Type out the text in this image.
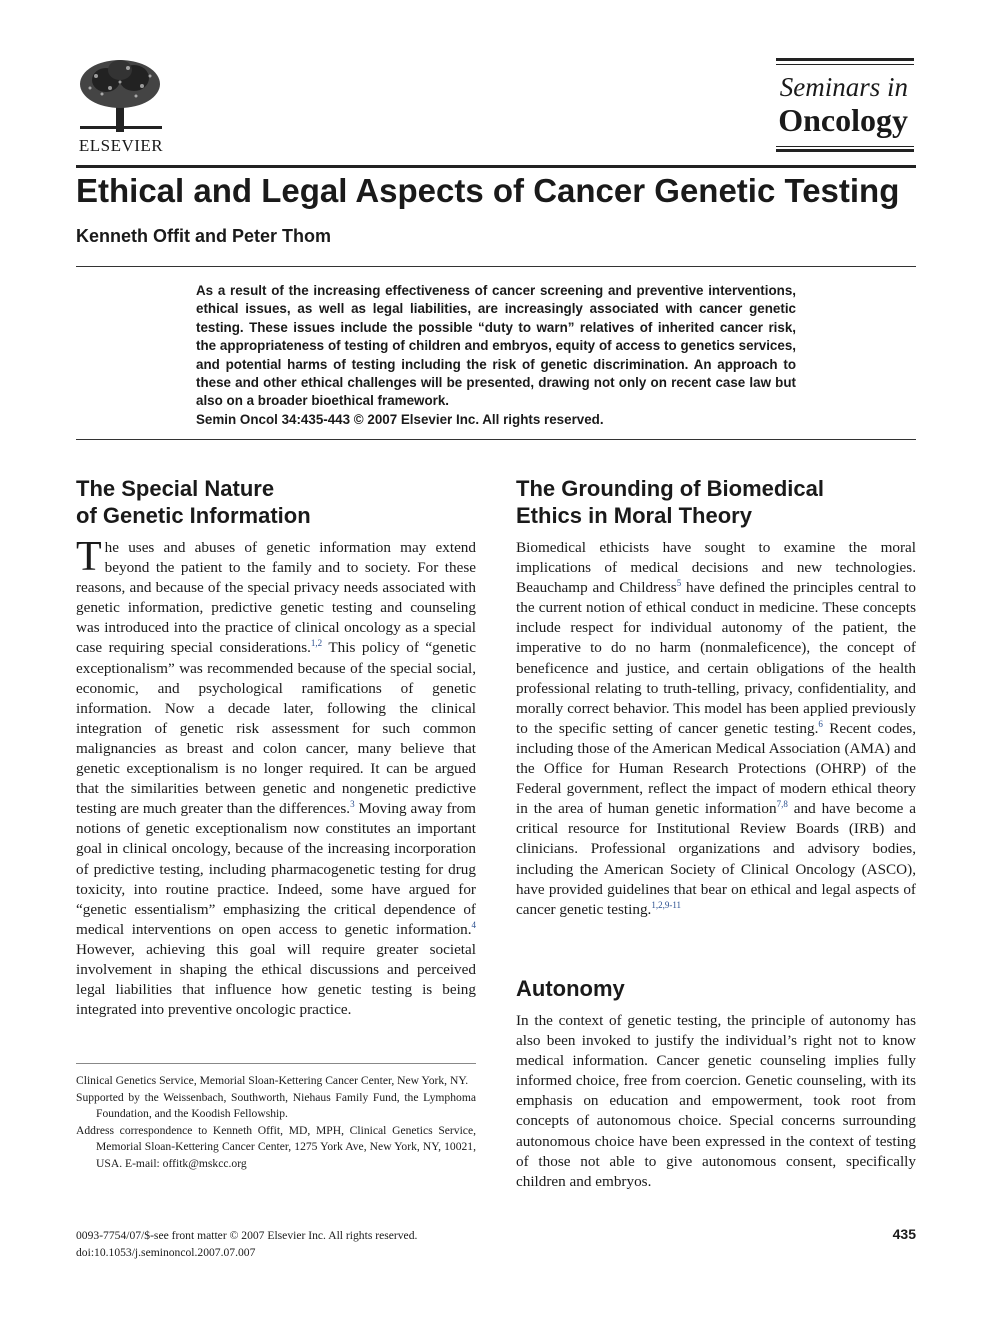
ELSEVIER
Seminars in
Oncology
Ethical and Legal Aspects of Cancer Genetic Testing
Kenneth Offit and Peter Thom
As a result of the increasing effectiveness of cancer screening and preventive interventions, ethical issues, as well as legal liabilities, are increasingly associated with cancer genetic testing. These issues include the possible “duty to warn” relatives of inherited cancer risk, the appropriateness of testing of children and embryos, equity of access to genetics services, and potential harms of testing including the risk of genetic discrimination. An approach to these and other ethical challenges will be presented, drawing not only on recent case law but also on a broader bioethical framework.
Semin Oncol 34:435-443 © 2007 Elsevier Inc. All rights reserved.
The Special Nature
of Genetic Information
The uses and abuses of genetic information may extend beyond the patient to the family and to society. For these reasons, and because of the special privacy needs associated with genetic information, predictive genetic testing and counseling was introduced into the practice of clinical oncology as a special case requiring special considerations.$^{1,2}$ This policy of “genetic exceptionalism” was recommended because of the special social, economic, and psychological ramifications of genetic information. Now a decade later, following the clinical integration of genetic risk assessment for such common malignancies as breast and colon cancer, many believe that genetic exceptionalism is no longer required. It can be argued that the similarities between genetic and nongenetic predictive testing are much greater than the differences.$^3$ Moving away from notions of genetic exceptionalism now constitutes an important goal in clinical oncology, because of the increasing incorporation of predictive testing, including pharmacogenetic testing for drug toxicity, into routine practice. Indeed, some have argued for “genetic essentialism” emphasizing the critical dependence of medical interventions on open access to genetic information.$^4$ However, achieving this goal will require greater societal involvement in shaping the ethical discussions and perceived legal liabilities that influence how genetic testing is being integrated into preventive oncologic practice.

Clinical Genetics Service, Memorial Sloan-Kettering Cancer Center, New York, NY.

Supported by the Weissenbach, Southworth, Niehaus Family Fund, the Lymphoma Foundation, and the Koodish Fellowship.

Address correspondence to Kenneth Offit, MD, MPH, Clinical Genetics Service, Memorial Sloan-Kettering Cancer Center, 1275 York Ave, New York, NY, 10021, USA. E-mail: offitk@mskcc.org

The Grounding of Biomedical
Ethics in Moral Theory
Biomedical ethicists have sought to examine the moral implications of medical decisions and new technologies. Beauchamp and Childress$^5$ have defined the principles central to the current notion of ethical conduct in medicine. These concepts include respect for individual autonomy of the patient, the imperative to do no harm (nonmaleficence), the concept of beneficence and justice, and certain obligations of the health professional relating to truth-telling, privacy, confidentiality, and morally correct behavior. This model has been applied previously to the specific setting of cancer genetic testing.$^6$ Recent codes, including those of the American Medical Association (AMA) and the Office for Human Research Protections (OHRP) of the Federal government, reflect the impact of modern ethical theory in the area of human genetic information$^{7,8}$ and have become a critical resource for Institutional Review Boards (IRB) and clinicians. Professional organizations and advisory bodies, including the American Society of Clinical Oncology (ASCO), have provided guidelines that bear on ethical and legal aspects of cancer genetic testing.$^{1,2,9-11}$
Autonomy
In the context of genetic testing, the principle of autonomy has also been invoked to justify the individual’s right not to know medical information. Cancer genetic counseling implies fully informed choice, free from coercion. Genetic counseling, with its emphasis on education and empowerment, took root from concepts of autonomous choice. Special concerns surrounding autonomous choice have been expressed in the context of testing of those not able to give autonomous consent, specifically children and embryos.
0093-7754/07/$-see front matter © 2007 Elsevier Inc. All rights reserved.
doi:10.1053/j.seminoncol.2007.07.007
435
